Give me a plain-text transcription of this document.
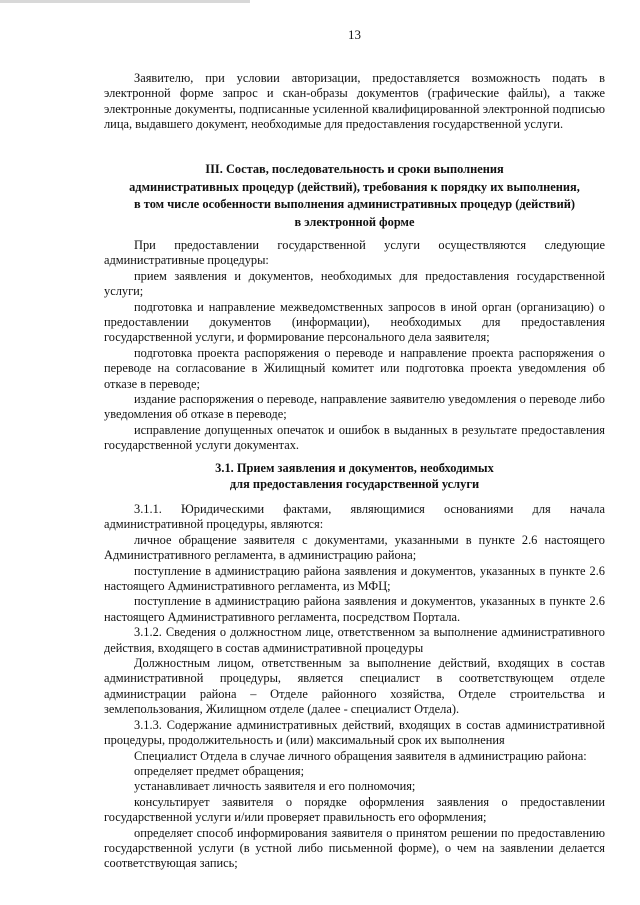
13

Заявителю, при условии авторизации, предоставляется возможность подать в электронной форме запрос и скан-образы документов (графические файлы), а также электронные документы, подписанные усиленной квалифицированной электронной подписью лица, выдавшего документ, необходимые для предоставления государственной услуги.

III. Состав, последовательность и сроки выполнения
административных процедур (действий), требования к порядку их выполнения,
в том числе особенности выполнения административных процедур (действий)
в электронной форме

При предоставлении государственной услуги осуществляются следующие административные процедуры:

прием заявления и документов, необходимых для предоставления государственной услуги;

подготовка и направление межведомственных запросов в иной орган (организацию) о предоставлении документов (информации), необходимых для предоставления государственной услуги, и формирование персонального дела заявителя;

подготовка проекта распоряжения о переводе и направление проекта распоряжения о переводе на согласование в Жилищный комитет или подготовка проекта уведомления об отказе в переводе;

издание распоряжения о переводе, направление заявителю уведомления о переводе либо уведомления об отказе в переводе;

исправление допущенных опечаток и ошибок в выданных в результате предоставления государственной услуги документах.

3.1. Прием заявления и документов, необходимых
для предоставления государственной услуги

3.1.1. Юридическими фактами, являющимися основаниями для начала административной процедуры, являются:

личное обращение заявителя с документами, указанными в пункте 2.6 настоящего Административного регламента, в администрацию района;

поступление в администрацию района заявления и документов, указанных в пункте 2.6 настоящего Административного регламента, из МФЦ;

поступление в администрацию района заявления и документов, указанных в пункте 2.6 настоящего Административного регламента, посредством Портала.

3.1.2. Сведения о должностном лице, ответственном за выполнение административного действия, входящего в состав административной процедуры

Должностным лицом, ответственным за выполнение действий, входящих в состав административной процедуры, является специалист в соответствующем отделе администрации района – Отделе районного хозяйства, Отделе строительства и землепользования, Жилищном отделе (далее - специалист Отдела).

3.1.3. Содержание административных действий, входящих в состав административной процедуры, продолжительность и (или) максимальный срок их выполнения

Специалист Отдела в случае личного обращения заявителя в администрацию района:

определяет предмет обращения;

устанавливает личность заявителя и его полномочия;

консультирует заявителя о порядке оформления заявления о предоставлении государственной услуги и/или проверяет правильность его оформления;

определяет способ информирования заявителя о принятом решении по предоставлению государственной услуги (в устной либо письменной форме), о чем на заявлении делается соответствующая запись;
